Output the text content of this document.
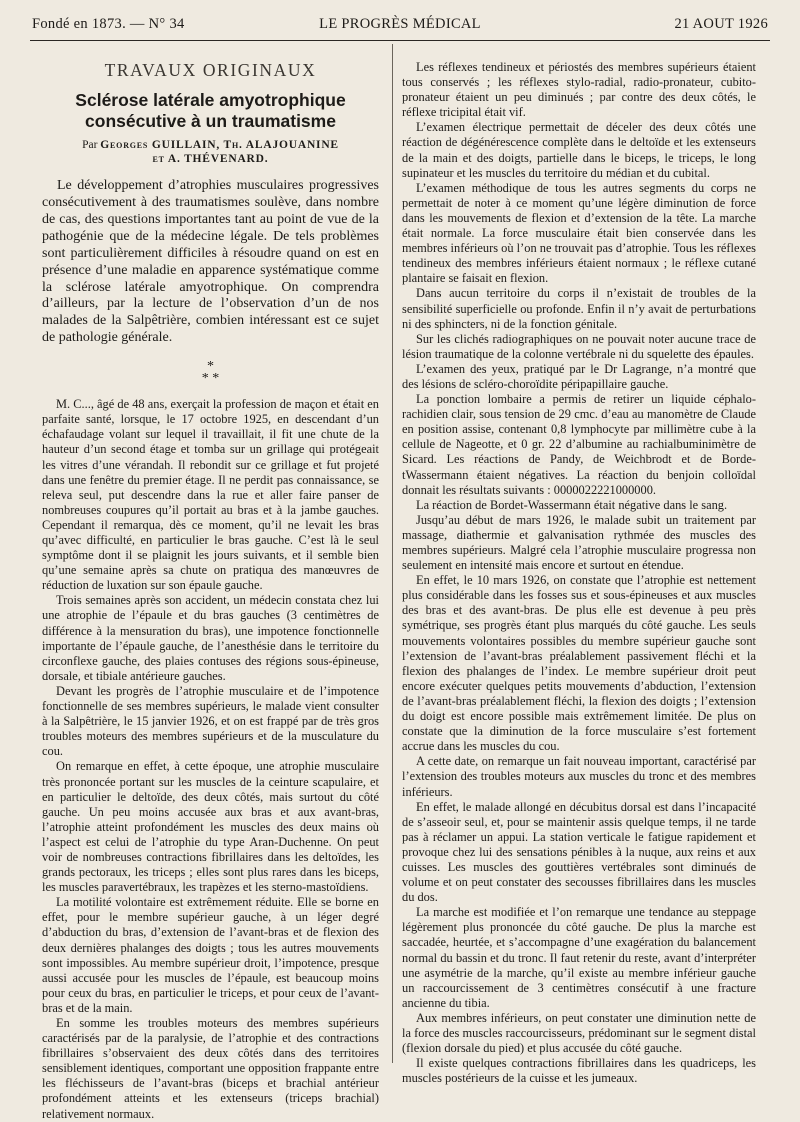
Fondé en 1873. — N° 34	LE PROGRÈS MÉDICAL	21 AOUT 1926
TRAVAUX ORIGINAUX
Sclérose latérale amyotrophique
consécutive à un traumatisme
Par Georges GUILLAIN, Th. ALAJOUANINE
et A. THÉVENARD.

Le développement d’atrophies musculaires progressives consécutivement à des traumatismes soulève, dans nombre de cas, des questions importantes tant au point de vue de la pathogénie que de la médecine légale. De tels problèmes sont particulièrement difficiles à résoudre quand on est en présence d’une maladie en apparence systématique comme la sclérose latérale amyotrophique. On comprendra d’ailleurs, par la lecture de l’observation d’un de nos malades de la Salpêtrière, combien intéressant est ce sujet de pathologie générale.

*
* *

M. C..., âgé de 48 ans, exerçait la profession de maçon et était en parfaite santé, lorsque, le 17 octobre 1925, en descendant d’un échafaudage volant sur lequel il travaillait, il fit une chute de la hauteur d’un second étage et tomba sur un grillage qui protégeait les vitres d’une vérandah. Il rebondit sur ce grillage et fut projeté dans une fenêtre du premier étage. Il ne perdit pas connaissance, se releva seul, put descendre dans la rue et aller faire panser de nombreuses coupures qu’il portait au bras et à la jambe gauches. Cependant il remarqua, dès ce moment, qu’il ne levait les bras qu’avec difficulté, en particulier le bras gauche. C’est là le seul symptôme dont il se plaignit les jours suivants, et il semble bien qu’une semaine après sa chute on pratiqua des manœuvres de réduction de luxation sur son épaule gauche.

Trois semaines après son accident, un médecin constata chez lui une atrophie de l’épaule et du bras gauches (3 centimètres de différence à la mensuration du bras), une impotence fonctionnelle importante de l’épaule gauche, de l’anesthésie dans le territoire du circonflexe gauche, des plaies contuses des régions sous-épineuse, dorsale, et tibiale antérieure gauches.

Devant les progrès de l’atrophie musculaire et de l’impotence fonctionnelle de ses membres supérieurs, le malade vient consulter à la Salpêtrière, le 15 janvier 1926, et on est frappé par de très gros troubles moteurs des membres supérieurs et de la musculature du cou.

On remarque en effet, à cette époque, une atrophie musculaire très prononcée portant sur les muscles de la ceinture scapulaire, et en particulier le deltoïde, des deux côtés, mais surtout du côté gauche. Un peu moins accusée aux bras et aux avant-bras, l’atrophie atteint profondément les muscles des deux mains où l’aspect est celui de l’atrophie du type Aran-Duchenne. On peut voir de nombreuses contractions fibrillaires dans les deltoïdes, les grands pectoraux, les triceps ; elles sont plus rares dans les biceps, les muscles paravertébraux, les trapèzes et les sterno-mastoïdiens.

La motilité volontaire est extrêmement réduite. Elle se borne en effet, pour le membre supérieur gauche, à un léger degré d’abduction du bras, d’extension de l’avant-bras et de flexion des deux dernières phalanges des doigts ; tous les autres mouvements sont impossibles. Au membre supérieur droit, l’impotence, presque aussi accusée pour les muscles de l’épaule, est beaucoup moins pour ceux du bras, en particulier le triceps, et pour ceux de l’avant-bras et de la main.

En somme les troubles moteurs des membres supérieurs caractérisés par de la paralysie, de l’atrophie et des contractions fibrillaires s’observaient des deux côtés dans des territoires sensiblement identiques, comportant une opposition frappante entre les fléchisseurs de l’avant-bras (biceps et brachial antérieur profondément atteints et les extenseurs (triceps brachial) relativement normaux.

Les réflexes tendineux et périostés des membres supérieurs étaient tous conservés ; les réflexes stylo-radial, radio-pronateur, cubito-pronateur étaient un peu diminués ; par contre des deux côtés, le réflexe tricipital était vif.

L’examen électrique permettait de déceler des deux côtés une réaction de dégénérescence complète dans le deltoïde et les extenseurs de la main et des doigts, partielle dans le biceps, le triceps, le long supinateur et les muscles du territoire du médian et du cubital.

L’examen méthodique de tous les autres segments du corps ne permettait de noter à ce moment qu’une légère diminution de force dans les mouvements de flexion et d’extension de la tête. La marche était normale. La force musculaire était bien conservée dans les membres inférieurs où l’on ne trouvait pas d’atrophie. Tous les réflexes tendineux des membres inférieurs étaient normaux ; le réflexe cutané plantaire se faisait en flexion.

Dans aucun territoire du corps il n’existait de troubles de la sensibilité superficielle ou profonde. Enfin il n’y avait de perturbations ni des sphincters, ni de la fonction génitale.

Sur les clichés radiographiques on ne pouvait noter aucune trace de lésion traumatique de la colonne vertébrale ni du squelette des épaules.

L’examen des yeux, pratiqué par le Dr Lagrange, n’a montré que des lésions de scléro-choroïdite péripapillaire gauche.

La ponction lombaire a permis de retirer un liquide céphalo-rachidien clair, sous tension de 29 cmc. d’eau au manomètre de Claude en position assise, contenant 0,8 lymphocyte par millimètre cube à la cellule de Nageotte, et 0 gr. 22 d’albumine au rachialbuminimètre de Sicard. Les réactions de Pandy, de Weichbrodt et de Borde-tWassermann étaient négatives. La réaction du benjoin colloïdal donnait les résultats suivants : 0000022221000000.

La réaction de Bordet-Wassermann était négative dans le sang.

Jusqu’au début de mars 1926, le malade subit un traitement par massage, diathermie et galvanisation rythmée des muscles des membres supérieurs. Malgré cela l’atrophie musculaire progressa non seulement en intensité mais encore et surtout en étendue.

En effet, le 10 mars 1926, on constate que l’atrophie est nettement plus considérable dans les fosses sus et sous-épineuses et aux muscles des bras et des avant-bras. De plus elle est devenue à peu près symétrique, ses progrès étant plus marqués du côté gauche. Les seuls mouvements volontaires possibles du membre supérieur gauche sont l’extension de l’avant-bras préalablement passivement fléchi et la flexion des phalanges de l’index. Le membre supérieur droit peut encore exécuter quelques petits mouvements d’abduction, l’extension de l’avant-bras préalablement fléchi, la flexion des doigts ; l’extension du doigt est encore possible mais extrêmement limitée. De plus on constate que la diminution de la force musculaire s’est fortement accrue dans les muscles du cou.

A cette date, on remarque un fait nouveau important, caractérisé par l’extension des troubles moteurs aux muscles du tronc et des membres inférieurs.

En effet, le malade allongé en décubitus dorsal est dans l’incapacité de s’asseoir seul, et, pour se maintenir assis quelque temps, il ne tarde pas à réclamer un appui. La station verticale le fatigue rapidement et provoque chez lui des sensations pénibles à la nuque, aux reins et aux cuisses. Les muscles des gouttières vertébrales sont diminués de volume et on peut constater des secousses fibrillaires dans les muscles du dos.

La marche est modifiée et l’on remarque une tendance au steppage légèrement plus prononcée du côté gauche. De plus la marche est saccadée, heurtée, et s’accompagne d’une exagération du balancement normal du bassin et du tronc. Il faut retenir du reste, avant d’interpréter une asymétrie de la marche, qu’il existe au membre inférieur gauche un raccourcissement de 3 centimètres consécutif à une fracture ancienne du tibia.

Aux membres inférieurs, on peut constater une diminution nette de la force des muscles raccourcisseurs, prédominant sur le segment distal (flexion dorsale du pied) et plus accusée du côté gauche.

Il existe quelques contractions fibrillaires dans les quadriceps, les muscles postérieurs de la cuisse et les jumeaux.
